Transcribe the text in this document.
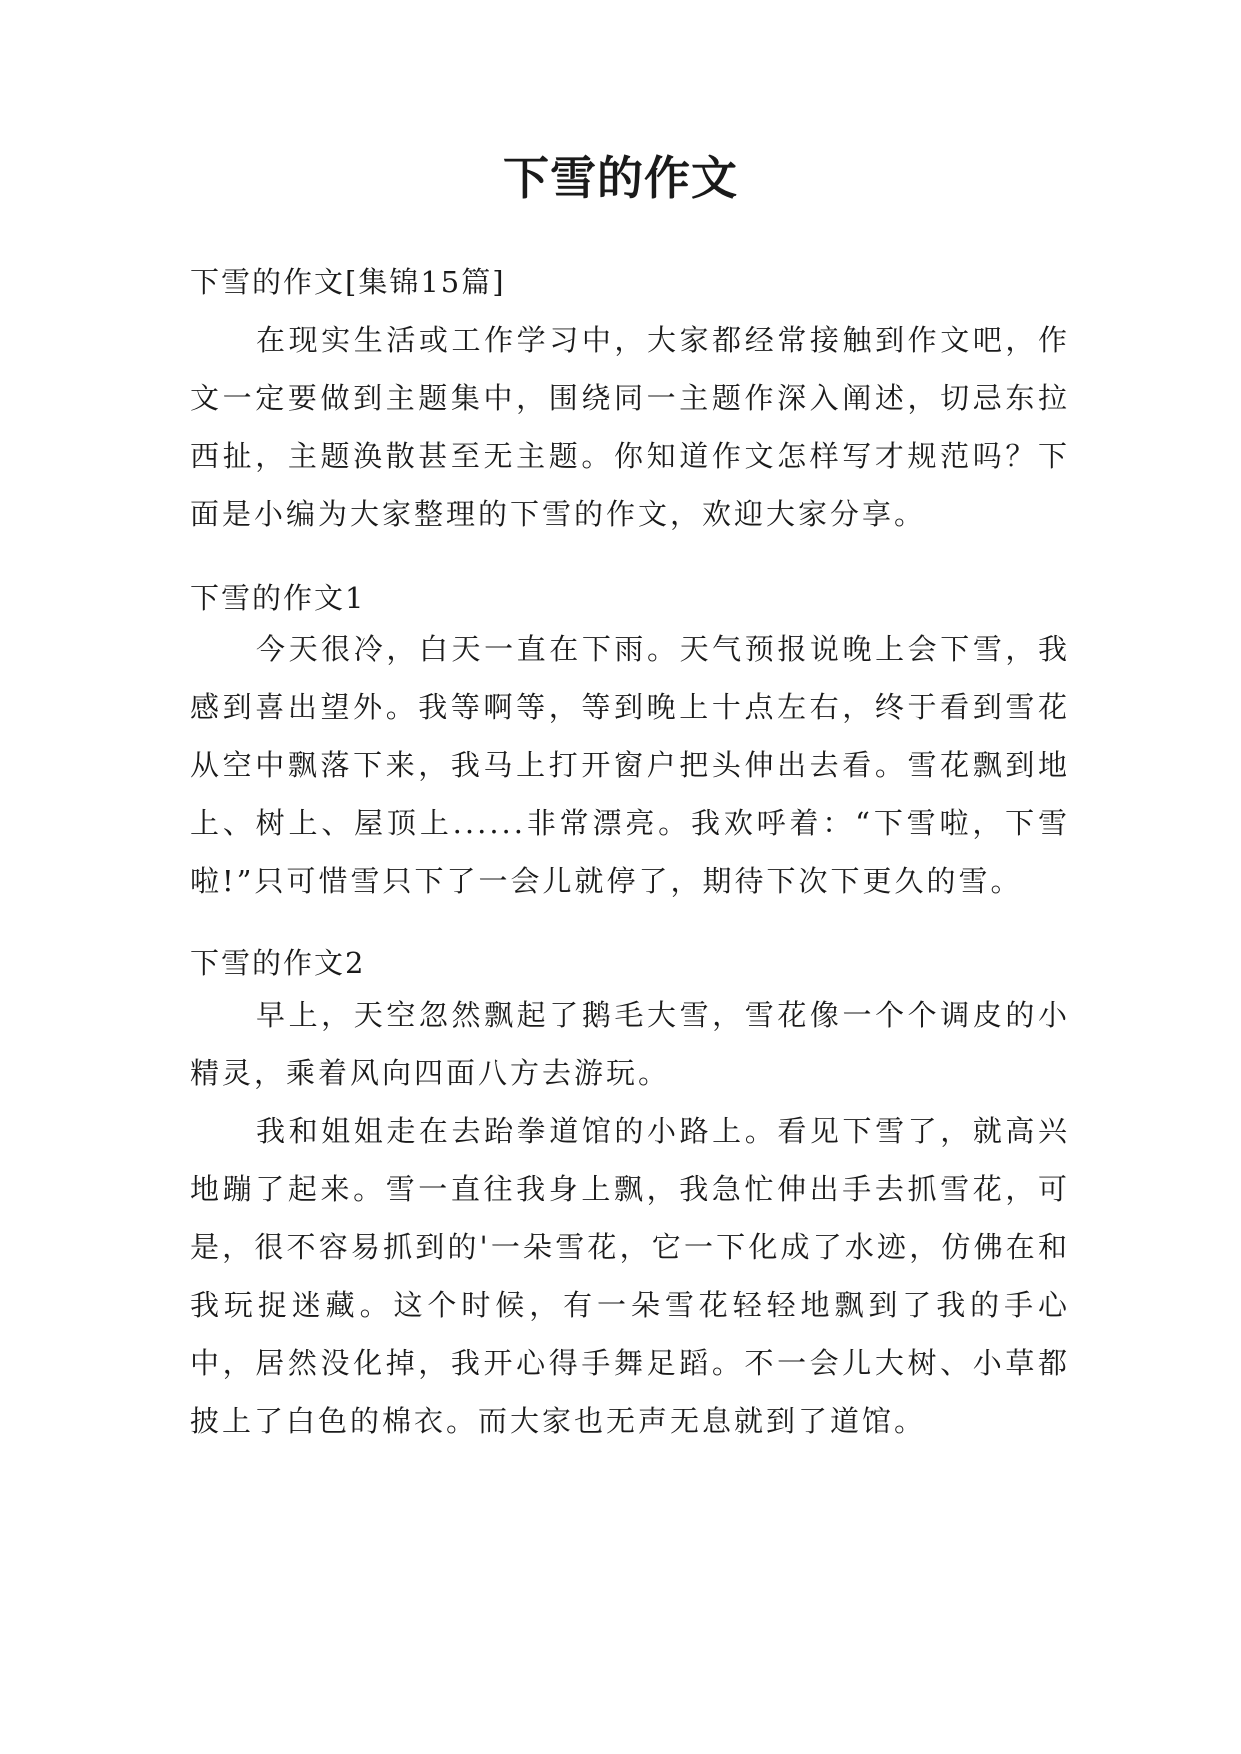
下雪的作文
下雪的作文[集锦15篇]

在现实生活或工作学习中，大家都经常接触到作文吧，作文一定要做到主题集中，围绕同一主题作深入阐述，切忌东拉西扯，主题涣散甚至无主题。你知道作文怎样写才规范吗？下面是小编为大家整理的下雪的作文，欢迎大家分享。

下雪的作文1

今天很冷，白天一直在下雨。天气预报说晚上会下雪，我感到喜出望外。我等啊等，等到晚上十点左右，终于看到雪花从空中飘落下来，我马上打开窗户把头伸出去看。雪花飘到地上、树上、屋顶上......非常漂亮。我欢呼着：“下雪啦，下雪啦!”只可惜雪只下了一会儿就停了，期待下次下更久的雪。

下雪的作文2

早上，天空忽然飘起了鹅毛大雪，雪花像一个个调皮的小精灵，乘着风向四面八方去游玩。

我和姐姐走在去跆拳道馆的小路上。看见下雪了，就高兴地蹦了起来。雪一直往我身上飘，我急忙伸出手去抓雪花，可是，很不容易抓到的'一朵雪花，它一下化成了水迹，仿佛在和我玩捉迷藏。这个时候，有一朵雪花轻轻地飘到了我的手心中，居然没化掉，我开心得手舞足蹈。不一会儿大树、小草都披上了白色的棉衣。而大家也无声无息就到了道馆。
